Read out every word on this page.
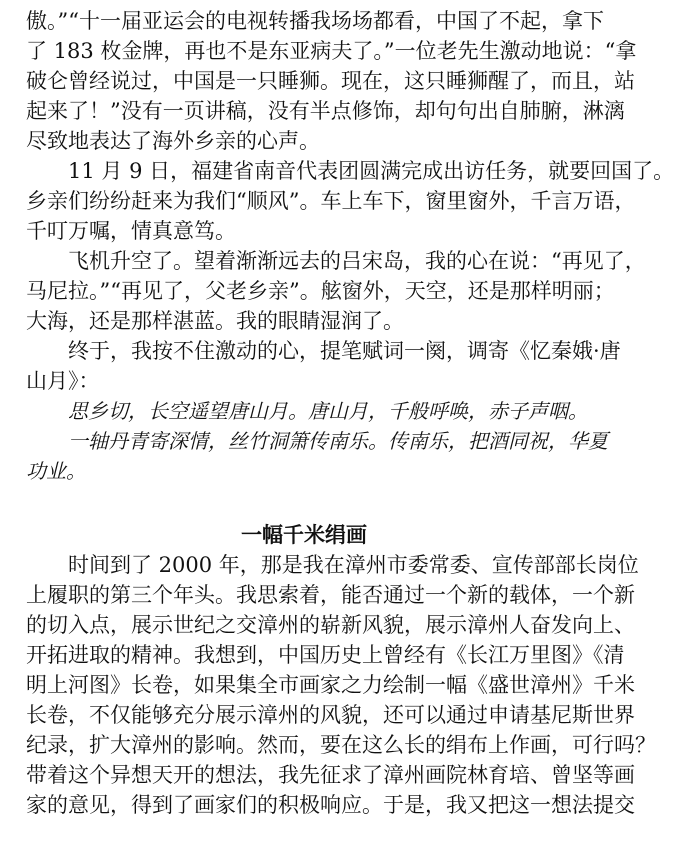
傲。”“十一届亚运会的电视转播我场场都看，中国了不起，拿下
了 183 枚金牌，再也不是东亚病夫了。”一位老先生激动地说：“拿
破仑曾经说过，中国是一只睡狮。现在，这只睡狮醒了，而且，站
起来了！”没有一页讲稿，没有半点修饰，却句句出自肺腑，淋漓
尽致地表达了海外乡亲的心声。
11 月 9 日，福建省南音代表团圆满完成出访任务，就要回国了。
乡亲们纷纷赶来为我们“顺风”。车上车下，窗里窗外，千言万语，
千叮万嘱，情真意笃。
飞机升空了。望着渐渐远去的吕宋岛，我的心在说：“再见了，
马尼拉。”“再见了，父老乡亲”。舷窗外，天空，还是那样明丽；
大海，还是那样湛蓝。我的眼睛湿润了。
终于，我按不住激动的心，提笔赋词一阕，调寄《忆秦娥·唐
山月》：
思乡切，长空遥望唐山月。唐山月，千般呼唤，赤子声咽。
一轴丹青寄深情，丝竹洞箫传南乐。传南乐，把酒同祝，华夏
功业。
一幅千米绢画
时间到了 2000 年，那是我在漳州市委常委、宣传部部长岗位
上履职的第三个年头。我思索着，能否通过一个新的载体，一个新
的切入点，展示世纪之交漳州的崭新风貌，展示漳州人奋发向上、
开拓进取的精神。我想到，中国历史上曾经有《长江万里图》《清
明上河图》长卷，如果集全市画家之力绘制一幅《盛世漳州》千米
长卷，不仅能够充分展示漳州的风貌，还可以通过申请基尼斯世界
纪录，扩大漳州的影响。然而，要在这么长的绢布上作画，可行吗？
带着这个异想天开的想法，我先征求了漳州画院林育培、曾坚等画
家的意见，得到了画家们的积极响应。于是，我又把这一想法提交
